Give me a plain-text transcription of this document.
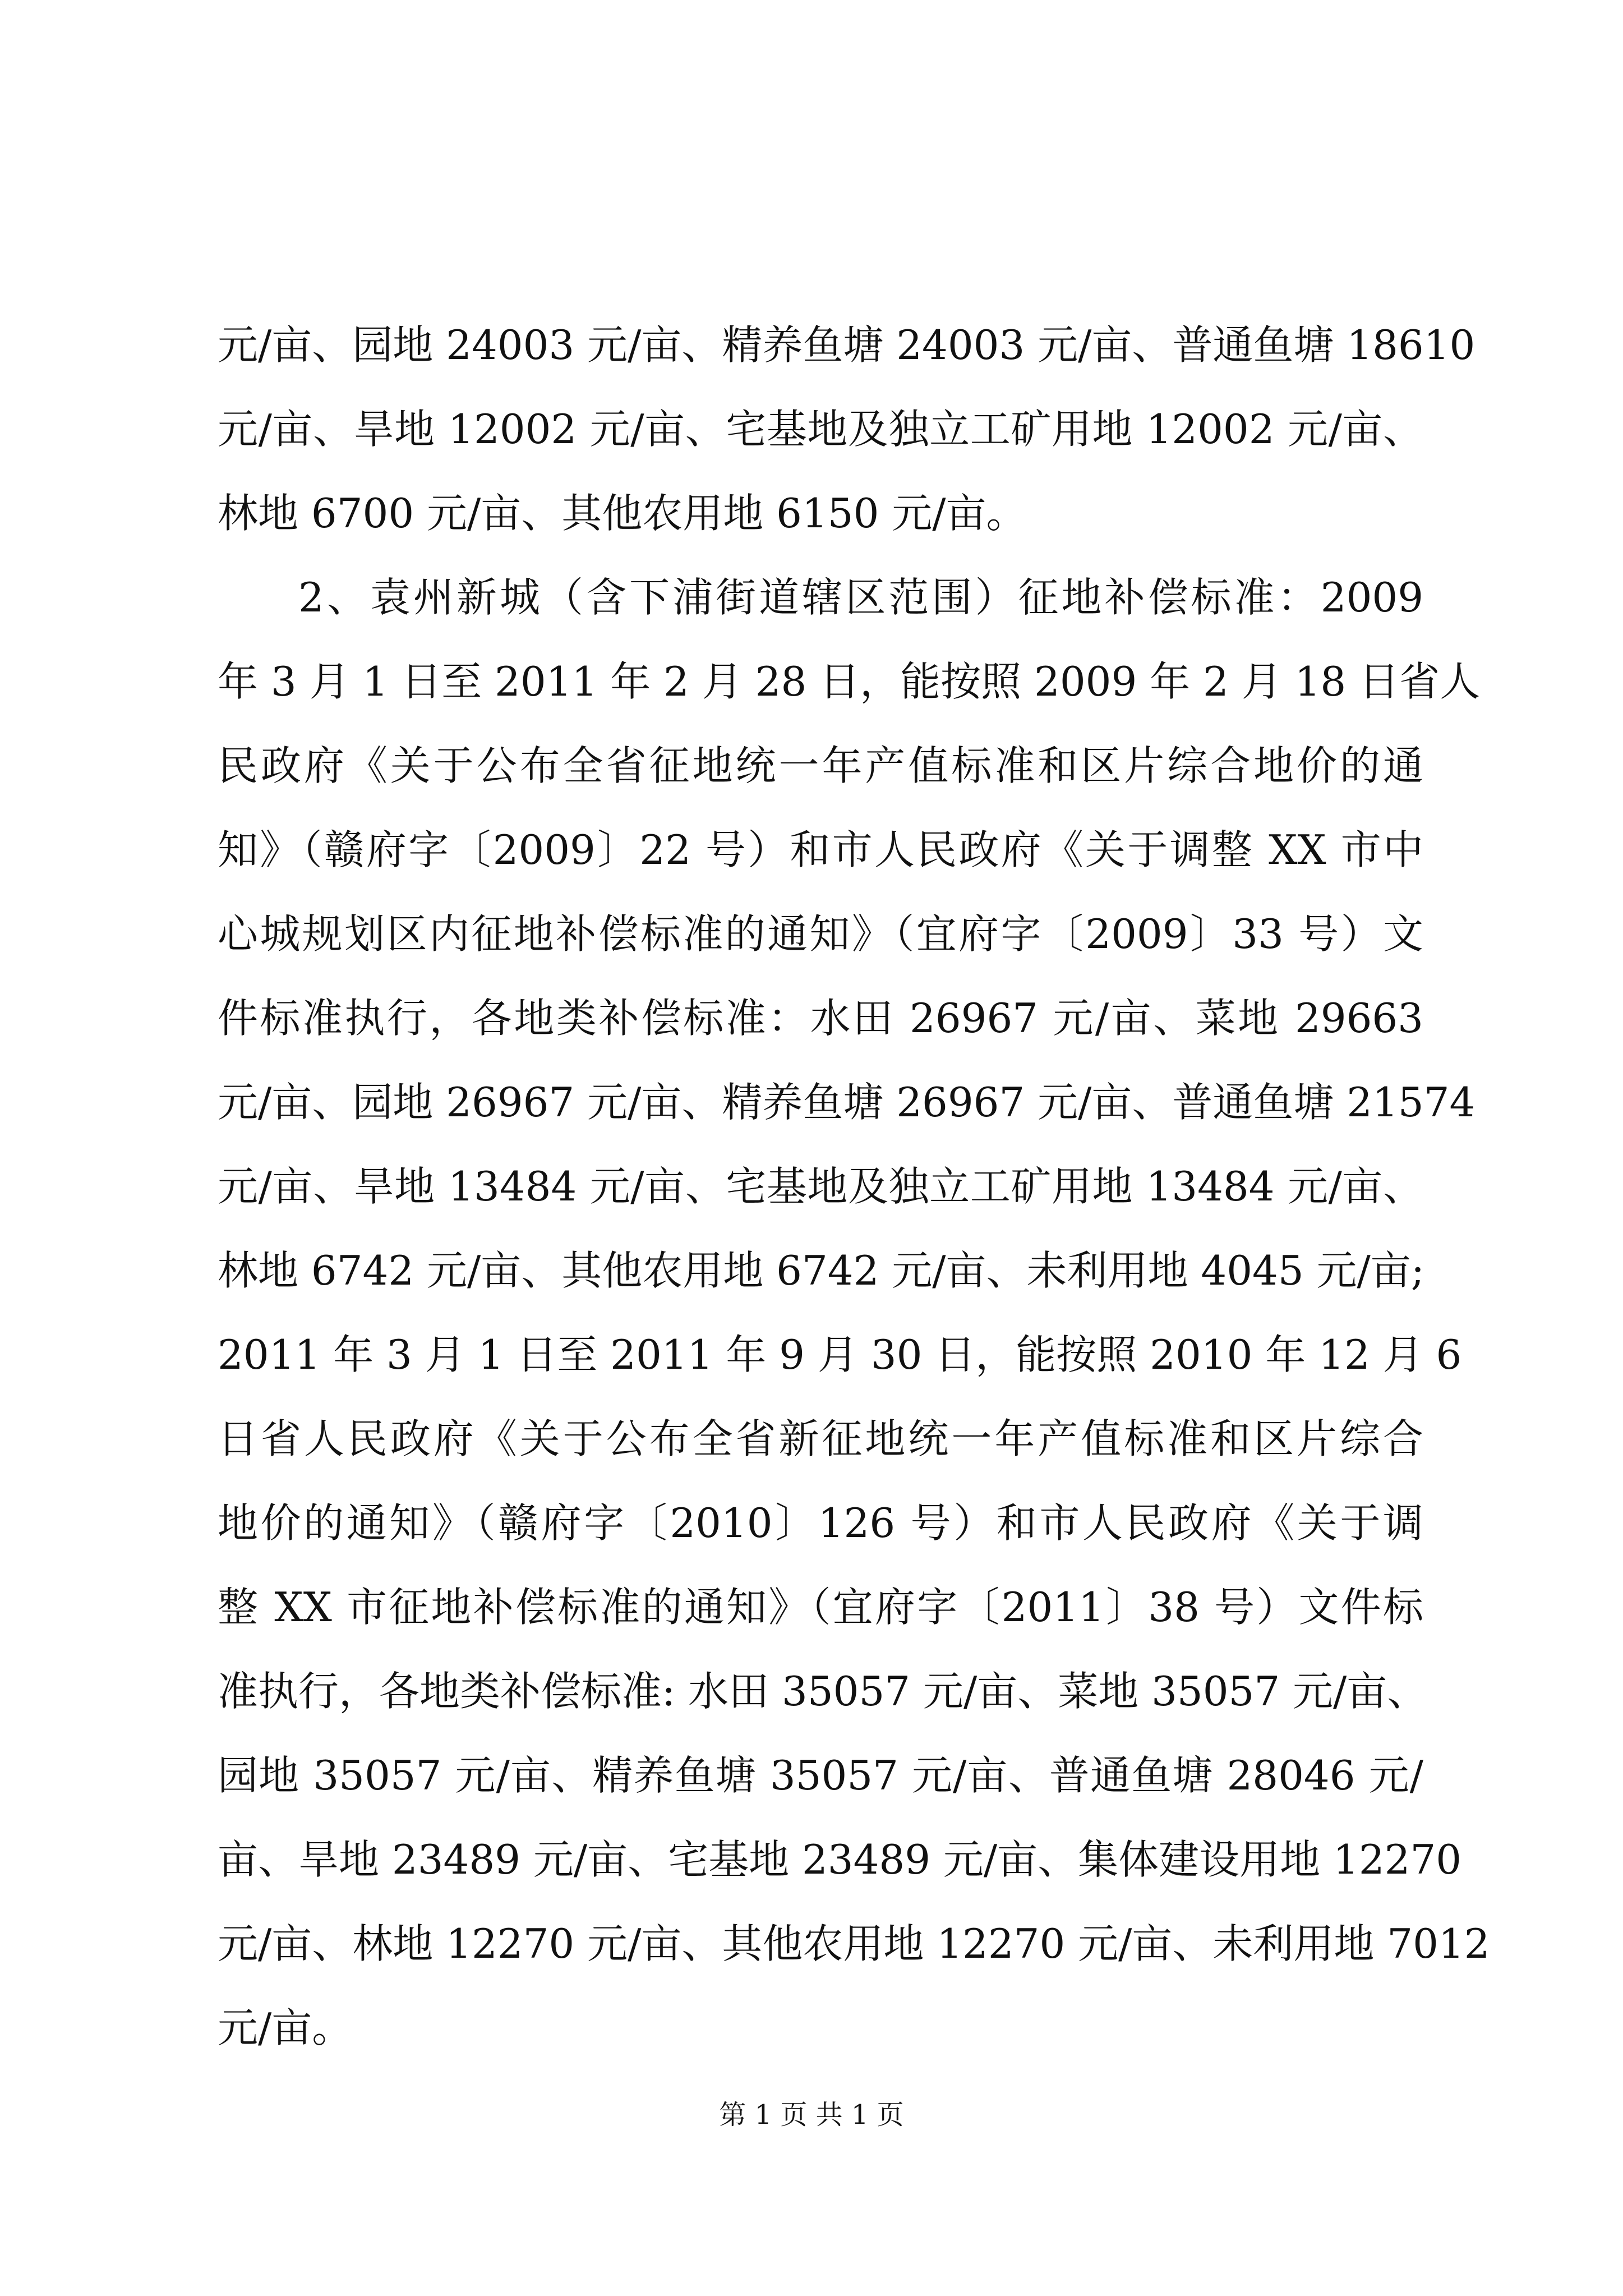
元/亩、园地 24003 元/亩、精养鱼塘 24003 元/亩、普通鱼塘 18610
元/亩、旱地 12002 元/亩、宅基地及独立工矿用地 12002 元/亩、
林地 6700 元/亩、其他农用地 6150 元/亩。
2、袁州新城（含下浦街道辖区范围）征地补偿标准：2009
年 3 月 1 日至 2011 年 2 月 28 日，能按照 2009 年 2 月 18 日省人
民政府《关于公布全省征地统一年产值标准和区片综合地价的通
知》（赣府字〔2009〕22 号）和市人民政府《关于调整 XX 市中
心城规划区内征地补偿标准的通知》（宜府字〔2009〕33 号）文
件标准执行，各地类补偿标准：水田 26967 元/亩、菜地 29663
元/亩、园地 26967 元/亩、精养鱼塘 26967 元/亩、普通鱼塘 21574
元/亩、旱地 13484 元/亩、宅基地及独立工矿用地 13484 元/亩、
林地 6742 元/亩、其他农用地 6742 元/亩、未利用地 4045 元/亩;
2011 年 3 月 1 日至 2011 年 9 月 30 日，能按照 2010 年 12 月 6
日省人民政府《关于公布全省新征地统一年产值标准和区片综合
地价的通知》（赣府字〔2010〕126 号）和市人民政府《关于调
整 XX 市征地补偿标准的通知》（宜府字〔2011〕38 号）文件标
准执行，各地类补偿标准: 水田 35057 元/亩、菜地 35057 元/亩、
园地 35057 元/亩、精养鱼塘 35057 元/亩、普通鱼塘 28046 元/
亩、旱地 23489 元/亩、宅基地 23489 元/亩、集体建设用地 12270
元/亩、林地 12270 元/亩、其他农用地 12270 元/亩、未利用地 7012
元/亩。
第 1 页 共 1 页
